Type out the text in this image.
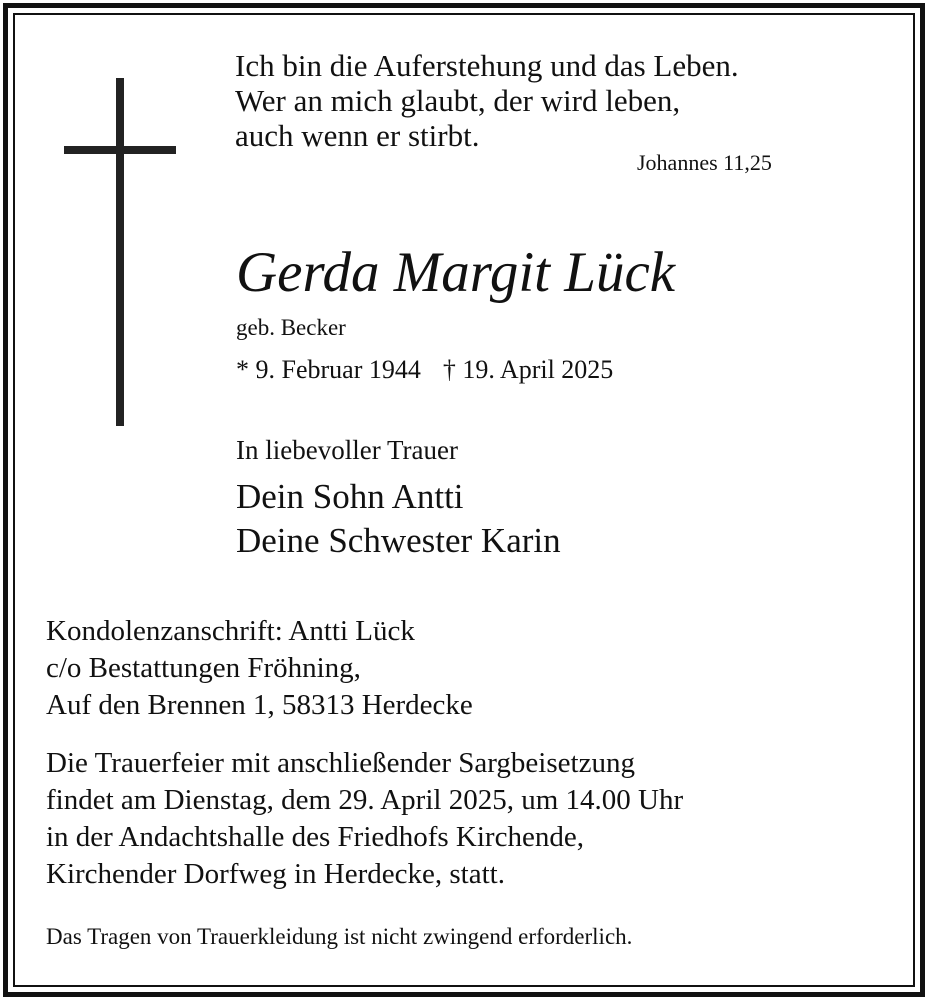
Ich bin die Auferstehung und das Leben.
Wer an mich glaubt, der wird leben,
auch wenn er stirbt.
Johannes 11,25
Gerda Margit Lück
geb. Becker
* 9. Februar 1944 † 19. April 2025
In liebevoller Trauer
Dein Sohn Antti
Deine Schwester Karin
Kondolenzanschrift: Antti Lück
c/o Bestattungen Fröhning,
Auf den Brennen 1, 58313 Herdecke
Die Trauerfeier mit anschließender Sargbeisetzung
findet am Dienstag, dem 29. April 2025, um 14.00 Uhr
in der Andachtshalle des Friedhofs Kirchende,
Kirchender Dorfweg in Herdecke, statt.
Das Tragen von Trauerkleidung ist nicht zwingend erforderlich.
